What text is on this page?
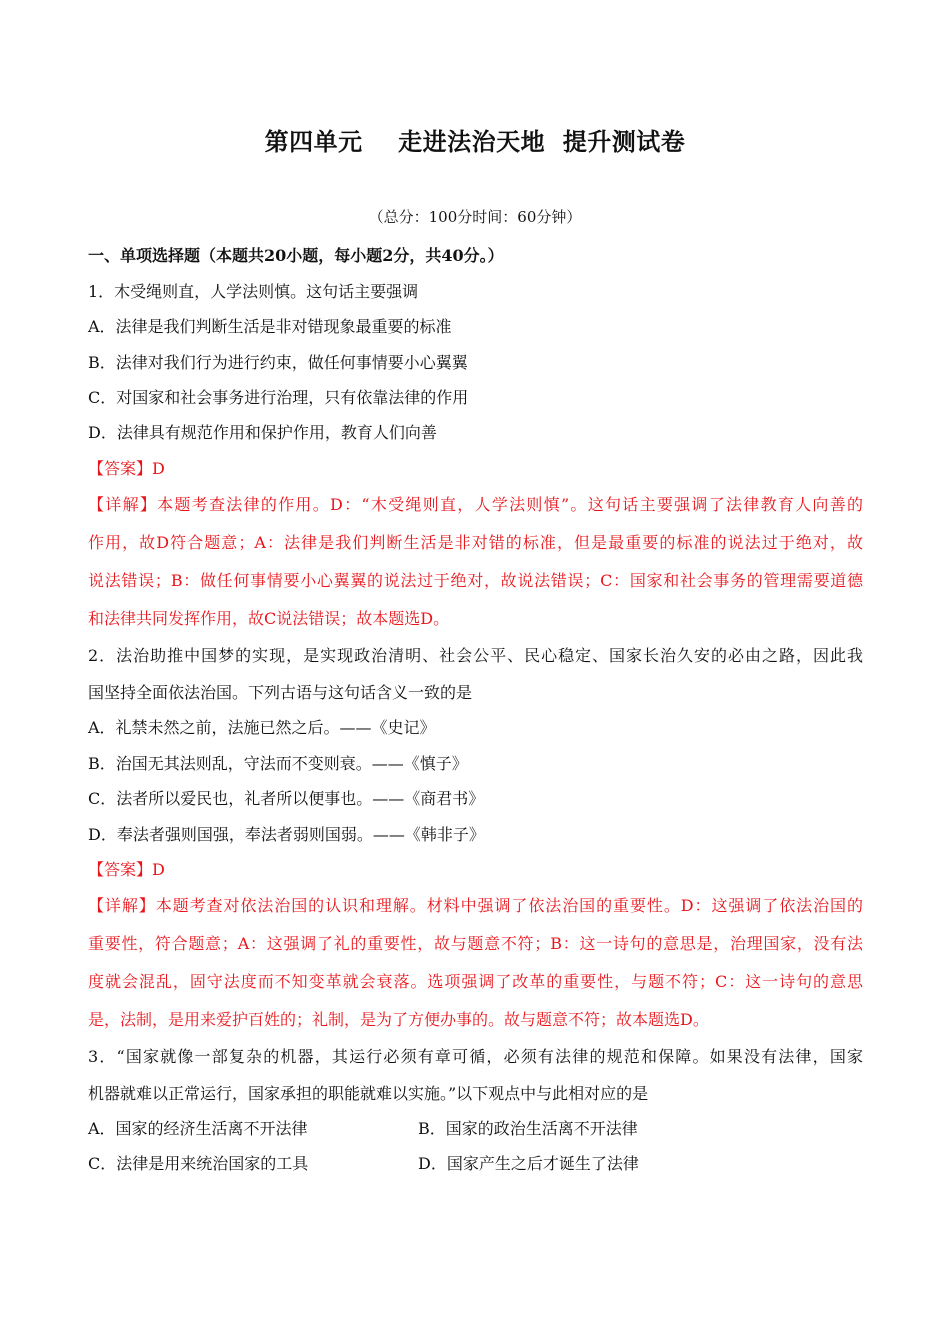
第四单元    走进法治天地  提升测试卷
（总分：100分时间：60分钟）
一、单项选择题（本题共20小题，每小题2分，共40分。）
1．木受绳则直，人学法则慎。这句话主要强调
A．法律是我们判断生活是非对错现象最重要的标准
B．法律对我们行为进行约束，做任何事情要小心翼翼
C．对国家和社会事务进行治理，只有依靠法律的作用
D．法律具有规范作用和保护作用，教育人们向善
【答案】D
【详解】本题考查法律的作用。D：“木受绳则直，人学法则慎”。这句话主要强调了法律教育人向善的
作用，故D符合题意；A：法律是我们判断生活是非对错的标准，但是最重要的标准的说法过于绝对，故
说法错误；B：做任何事情要小心翼翼的说法过于绝对，故说法错误；C：国家和社会事务的管理需要道德
和法律共同发挥作用，故C说法错误；故本题选D。
2．法治助推中国梦的实现，是实现政治清明、社会公平、民心稳定、国家长治久安的必由之路，因此我
国坚持全面依法治国。下列古语与这句话含义一致的是
A．礼禁未然之前，法施已然之后。——《史记》
B．治国无其法则乱，守法而不变则衰。——《慎子》
C．法者所以爱民也，礼者所以便事也。——《商君书》
D．奉法者强则国强，奉法者弱则国弱。——《韩非子》
【答案】D
【详解】本题考查对依法治国的认识和理解。材料中强调了依法治国的重要性。D：这强调了依法治国的
重要性，符合题意；A：这强调了礼的重要性，故与题意不符；B：这一诗句的意思是，治理国家，没有法
度就会混乱，固守法度而不知变革就会衰落。选项强调了改革的重要性，与题不符；C：这一诗句的意思
是，法制，是用来爱护百姓的；礼制，是为了方便办事的。故与题意不符；故本题选D。
3．“国家就像一部复杂的机器，其运行必须有章可循，必须有法律的规范和保障。如果没有法律，国家
机器就难以正常运行，国家承担的职能就难以实施。”以下观点中与此相对应的是
A．国家的经济生活离不开法律	B．国家的政治生活离不开法律
C．法律是用来统治国家的工具	D．国家产生之后才诞生了法律
